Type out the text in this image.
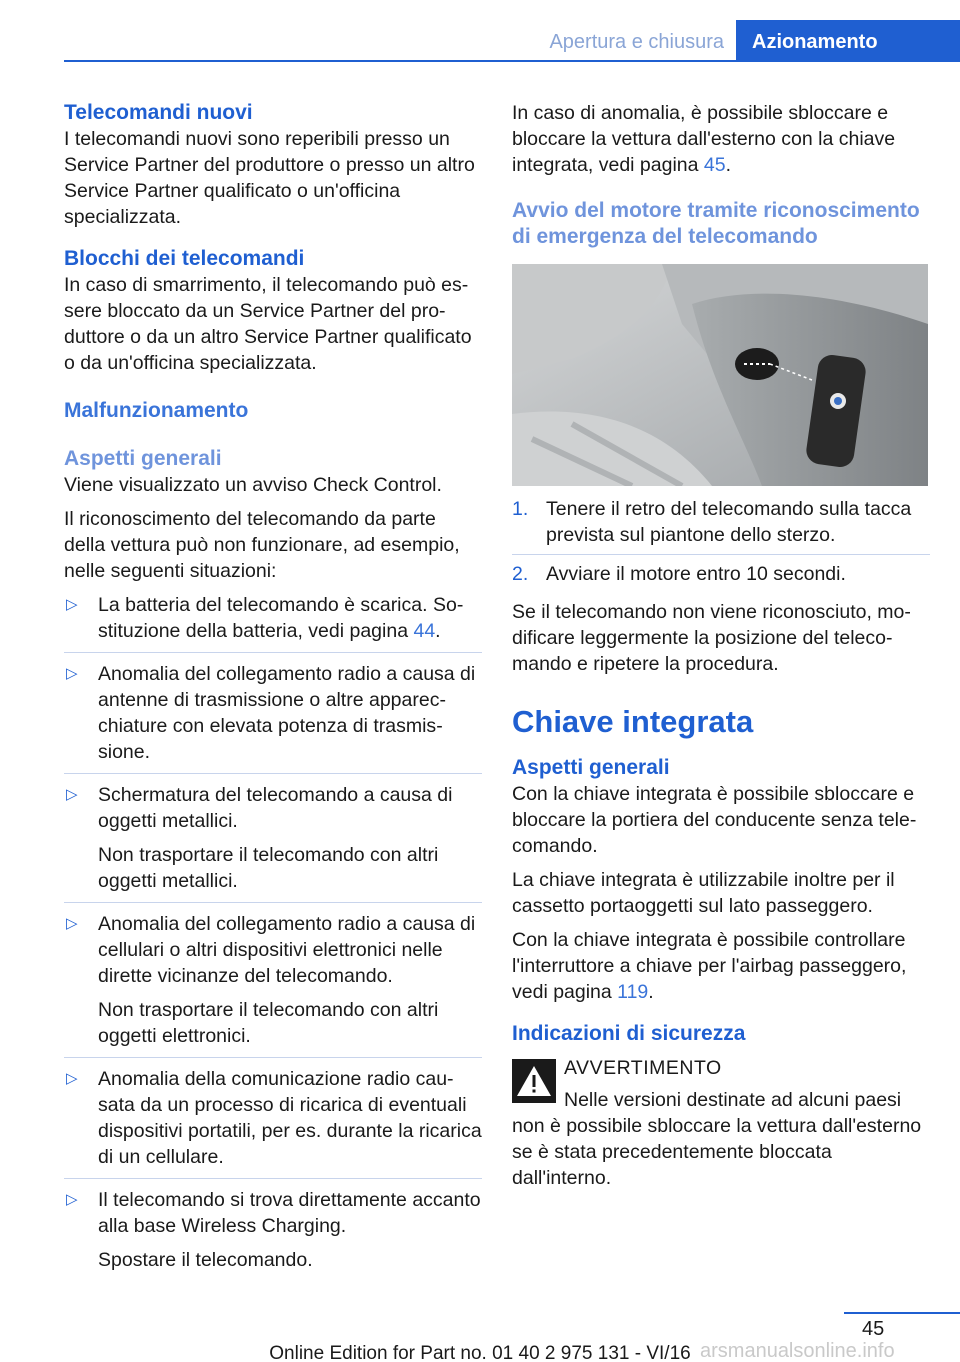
Apertura e chiusura	Azionamento
Telecomandi nuovi

I telecomandi nuovi sono reperibili presso un Service Partner del produttore o presso un altro Service Partner qualificato o un'officina specializzata.

Blocchi dei telecomandi

In caso di smarrimento, il telecomando può essere bloccato da un Service Partner del produttore o da un altro Service Partner qualificato o da un'officina specializzata.

Malfunzionamento
Aspetti generali

Viene visualizzato un avviso Check Control.

Il riconoscimento del telecomando da parte della vettura può non funzionare, ad esempio, nelle seguenti situazioni:

▷ La batteria del telecomando è scarica. Sostituzione della batteria, vedi pagina 44.
▷ Anomalia del collegamento radio a causa di antenne di trasmissione o altre apparecchiature con elevata potenza di trasmissione.
▷ Schermatura del telecomando a causa di oggetti metallici.
Non trasportare il telecomando con altri oggetti metallici.
▷ Anomalia del collegamento radio a causa di cellulari o altri dispositivi elettronici nelle dirette vicinanze del telecomando.
Non trasportare il telecomando con altri oggetti elettronici.
▷ Anomalia della comunicazione radio causata da un processo di ricarica di eventuali dispositivi portatili, per es. durante la ricarica di un cellulare.
▷ Il telecomando si trova direttamente accanto alla base Wireless Charging.
Spostare il telecomando.

In caso di anomalia, è possibile sbloccare e bloccare la vettura dall'esterno con la chiave integrata, vedi pagina 45.

Avvio del motore tramite riconoscimento di emergenza del telecomando
1. Tenere il retro del telecomando sulla tacca prevista sul piantone dello sterzo.
2. Avviare il motore entro 10 secondi.

Se il telecomando non viene riconosciuto, modificare leggermente la posizione del telecomando e ripetere la procedura.

Chiave integrata
Aspetti generali

Con la chiave integrata è possibile sbloccare e bloccare la portiera del conducente senza telecomando.

La chiave integrata è utilizzabile inoltre per il cassetto portaoggetti sul lato passeggero.

Con la chiave integrata è possibile controllare l'interruttore a chiave per l'airbag passeggero, vedi pagina 119.

Indicazioni di sicurezza
AVVERTIMENTO
Nelle versioni destinate ad alcuni paesi non è possibile sbloccare la vettura dall'esterno se è stata precedentemente bloccata dall'interno.
45
arsmanualsonline.info
Online Edition for Part no. 01 40 2 975 131 - VI/16
